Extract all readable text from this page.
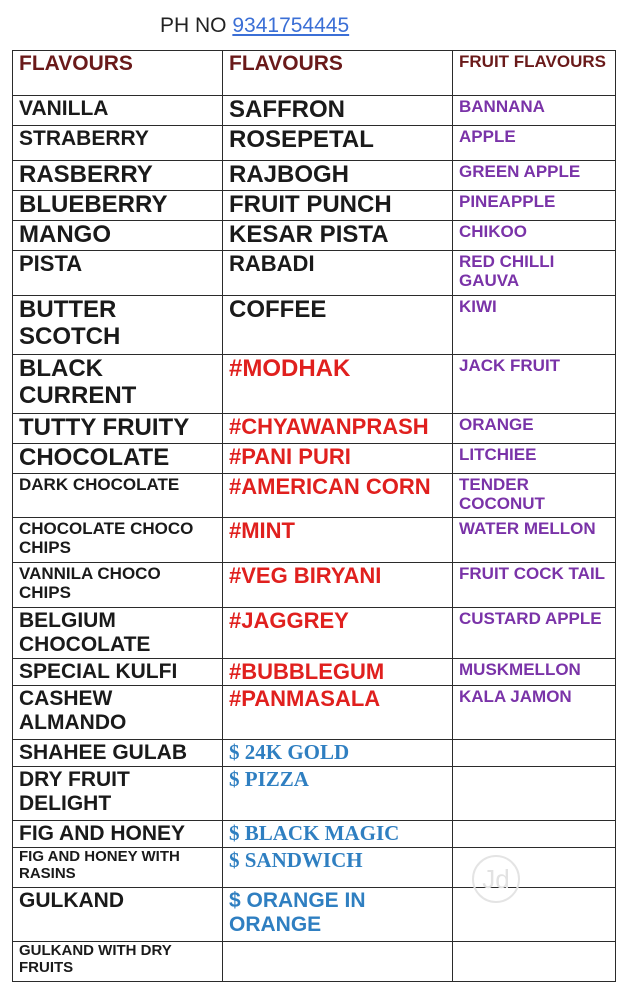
PH NO 9341754445
FLAVOURS	FLAVOURS	FRUIT FLAVOURS
VANILLA	SAFFRON	BANNANA
STRABERRY	ROSEPETAL	APPLE
RASBERRY	RAJBOGH	GREEN APPLE
BLUEBERRY	FRUIT PUNCH	PINEAPPLE
MANGO	KESAR PISTA	CHIKOO
PISTA	RABADI	RED CHILLI GAUVA
BUTTER SCOTCH	COFFEE	KIWI
BLACK CURRENT	#MODHAK	JACK FRUIT
TUTTY FRUITY	#CHYAWANPRASH	ORANGE
CHOCOLATE	#PANI PURI	LITCHIEE
DARK CHOCOLATE	#AMERICAN CORN	TENDER COCONUT
CHOCOLATE CHOCO CHIPS	#MINT	WATER MELLON
VANNILA CHOCO CHIPS	#VEG BIRYANI	FRUIT COCK TAIL
BELGIUM CHOCOLATE	#JAGGREY	CUSTARD APPLE
SPECIAL KULFI	#BUBBLEGUM	MUSKMELLON
CASHEW ALMANDO	#PANMASALA	KALA JAMON
SHAHEE GULAB	$ 24K GOLD	
DRY FRUIT DELIGHT	$ PIZZA	
FIG AND HONEY	$ BLACK MAGIC	
FIG AND HONEY WITH RASINS	$ SANDWICH	
GULKAND	$ ORANGE IN ORANGE	
GULKAND WITH DRY FRUITS		
Jd
